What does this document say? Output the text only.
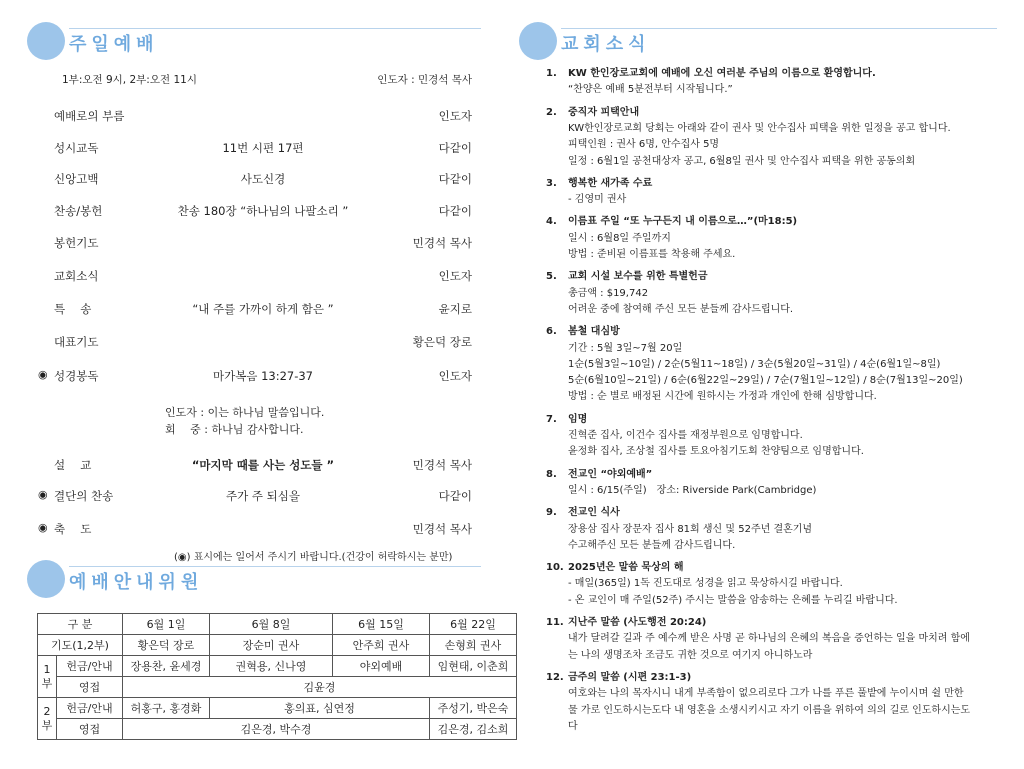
주일예배
1부:오전 9시, 2부:오전 11시	인도자 : 민경석 목사
예배로의 부름	인도자
성시교독	11번 시편 17편	다같이
신앙고백	사도신경	다같이
찬송/봉헌	찬송 180장 “하나님의 나팔소리 ”	다같이
봉헌기도	민경석 목사
교회소식	인도자
특　 송	“내 주를 가까이 하게 함은 ”	윤지로
대표기도	황은덕 장로
◉ 성경봉독	마가복음 13:27-37	인도자
설　 교	“마지막 때를 사는 성도들 ”	민경석 목사
◉ 결단의 찬송	주가 주 되심을	다같이
◉ 축　 도	민경석 목사
인도자 : 이는 하나님 말씀입니다.
회　 중 : 하나님 감사합니다.
(◉) 표시에는 일어서 주시기 바랍니다.(건강이 허락하시는 분만)
예배안내위원
구 분		6월 1일	6월 8일	6월 15일	6월 22일
기도(1,2부)		황은덕 장로	장순미 권사	안주희 권사	손형희 권사
1부	헌금/안내	장용찬, 윤세경	권혁용, 신나영	야외예배	임현태, 이춘희
	영접	김윤경			
2부	헌금/안내	허홍구, 홍경화	홍의표, 심연정		주성기, 박은숙
	영접	김은경, 박수경			김은경, 김소희
교회소식
1. KW 한인장로교회에 예배에 오신 여러분 주님의 이름으로 환영합니다.
“찬양은 예배 5분전부터 시작됩니다.”
2. 중직자 피택안내
KW한인장로교회 당회는 아래와 같이 권사 및 안수집사 피택을 위한 일정을 공고 합니다.
피택인원 : 권사 6명, 안수집사 5명
일정 : 6월1일 공천대상자 공고, 6월8일 권사 및 안수집사 피택을 위한 공동의회
3. 행복한 새가족 수료
- 김영미 권사
4. 이름표 주일 “또 누구든지 내 이름으로…”(마18:5)
일시 : 6월8일 주일까지
방법 : 준비된 이름표를 착용해 주세요.
5. 교회 시설 보수를 위한 특별헌금
총금액 : $19,742
어려운 중에 참여해 주신 모든 분들께 감사드립니다.
6. 봄철 대심방
기간 : 5월 3일~7월 20일
1순(5월3일~10일) / 2순(5월11~18일) / 3순(5월20일~31일) / 4순(6월1일~8일)
5순(6월10일~21일) / 6순(6월22일~29일) / 7순(7월1일~12일) / 8순(7월13일~20일)
방법 : 순 별로 배정된 시간에 원하시는 가정과 개인에 한해 심방합니다.
7. 임명
진혁준 집사, 이건수 집사를 재정부원으로 임명합니다.
윤정화 집사, 조상철 집사를 토요아침기도회 찬양팀으로 임명합니다.
8. 전교인 “야외예배”
일시 : 6/15(주일)　장소: Riverside Park(Cambridge)
9. 전교인 식사
장용삼 집사 장문자 집사 81회 생신 및 52주년 결혼기념
수고해주신 모든 분들께 감사드립니다.
10. 2025년은 말씀 묵상의 해
- 매일(365일) 1독 진도대로 성경을 읽고 묵상하시길 바랍니다.
- 온 교인이 매 주일(52주) 주시는 말씀을 암송하는 은혜를 누리길 바랍니다.
11. 지난주 말씀 (사도행전 20:24)
내가 달려갈 길과 주 예수께 받은 사명 곧 하나님의 은혜의 복음을 증언하는 일을 마치려 함에
는 나의 생명조차 조금도 귀한 것으로 여기지 아니하노라
12. 금주의 말씀 (시편 23:1-3)
여호와는 나의 목자시니 내게 부족함이 없으리로다 그가 나를 푸른 풀밭에 누이시며 쉴 만한
물 가로 인도하시는도다 내 영혼을 소생시키시고 자기 이름을 위하여 의의 길로 인도하시는도
다
